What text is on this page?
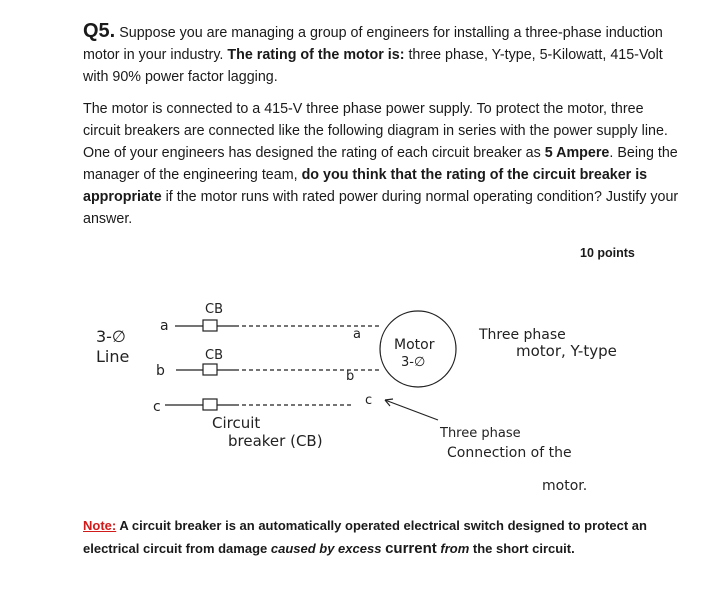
Q5. Suppose you are managing a group of engineers for installing a three-phase induction motor in your industry. The rating of the motor is: three phase, Y-type, 5-Kilowatt, 415-Volt with 90% power factor lagging.

The motor is connected to a 415-V three phase power supply. To protect the motor, three circuit breakers are connected like the following diagram in series with the power supply line. One of your engineers has designed the rating of each circuit breaker as 5 Ampere. Being the manager of the engineering team, do you think that the rating of the circuit breaker is appropriate if the motor runs with rated power during normal operating condition? Justify your answer.

10 points
3-∅
Line
a
b
c
CB
CB
Circuit
breaker (CB)
a
b
c
Motor
3-∅
Three phase
motor, Y-type
Three phase
Connection of the
motor.
Note: A circuit breaker is an automatically operated electrical switch designed to protect an electrical circuit from damage caused by excess current from the short circuit.
